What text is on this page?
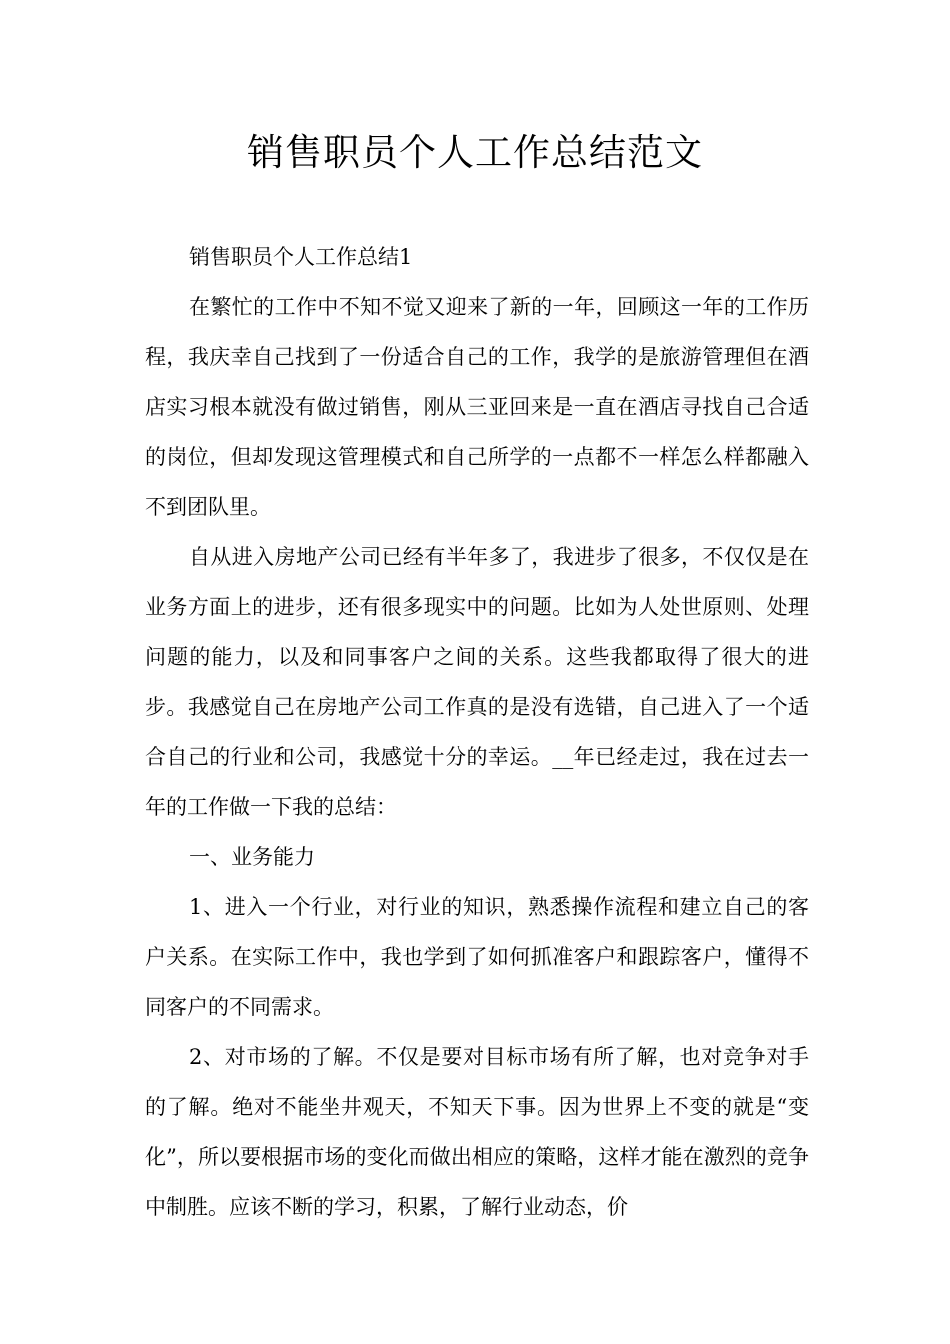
销售职员个人工作总结范文

销售职员个人工作总结1

在繁忙的工作中不知不觉又迎来了新的一年，回顾这一年的工作历程，我庆幸自己找到了一份适合自己的工作，我学的是旅游管理但在酒店实习根本就没有做过销售，刚从三亚回来是一直在酒店寻找自己合适的岗位，但却发现这管理模式和自己所学的一点都不一样怎么样都融入不到团队里。

自从进入房地产公司已经有半年多了，我进步了很多，不仅仅是在业务方面上的进步，还有很多现实中的问题。比如为人处世原则、处理问题的能力，以及和同事客户之间的关系。这些我都取得了很大的进步。我感觉自己在房地产公司工作真的是没有选错，自己进入了一个适合自己的行业和公司，我感觉十分的幸运。__年已经走过，我在过去一年的工作做一下我的总结：

一、业务能力

1、进入一个行业，对行业的知识，熟悉操作流程和建立自己的客户关系。在实际工作中，我也学到了如何抓准客户和跟踪客户，懂得不同客户的不同需求。

2、对市场的了解。不仅是要对目标市场有所了解，也对竞争对手的了解。绝对不能坐井观天，不知天下事。因为世界上不变的就是“变化”，所以要根据市场的变化而做出相应的策略，这样才能在激烈的竞争中制胜。应该不断的学习，积累，了解行业动态，价
